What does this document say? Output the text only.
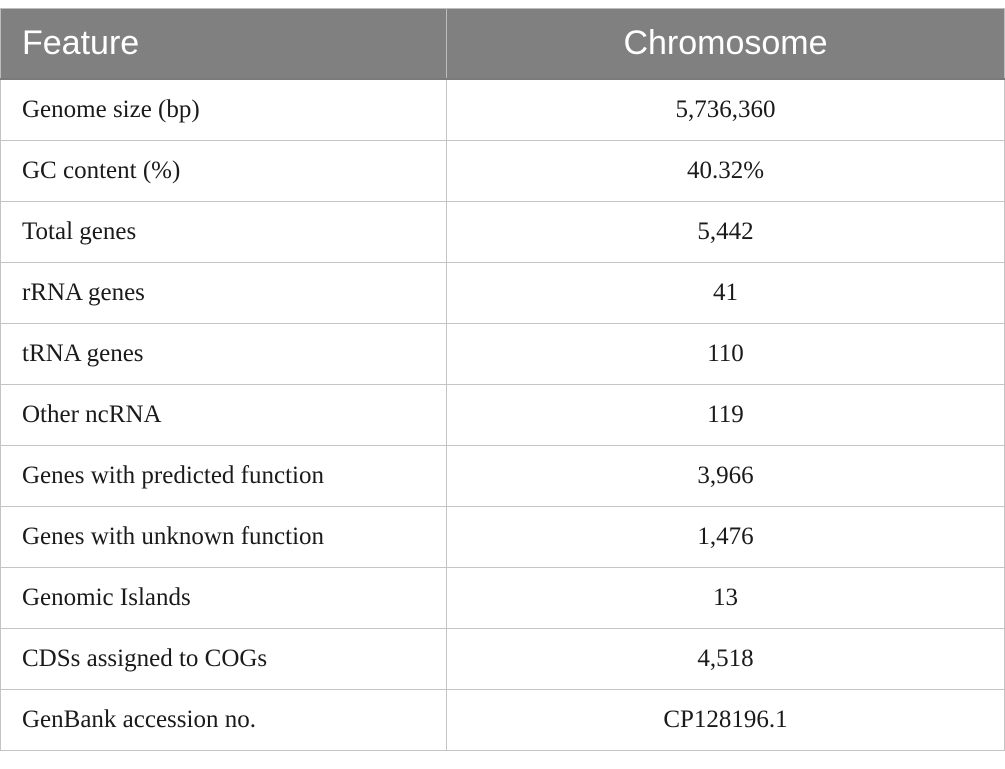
Feature	Chromosome
Genome size (bp)	5,736,360
GC content (%)	40.32%
Total genes	5,442
rRNA genes	41
tRNA genes	110
Other ncRNA	119
Genes with predicted function	3,966
Genes with unknown function	1,476
Genomic Islands	13
CDSs assigned to COGs	4,518
GenBank accession no.	CP128196.1
